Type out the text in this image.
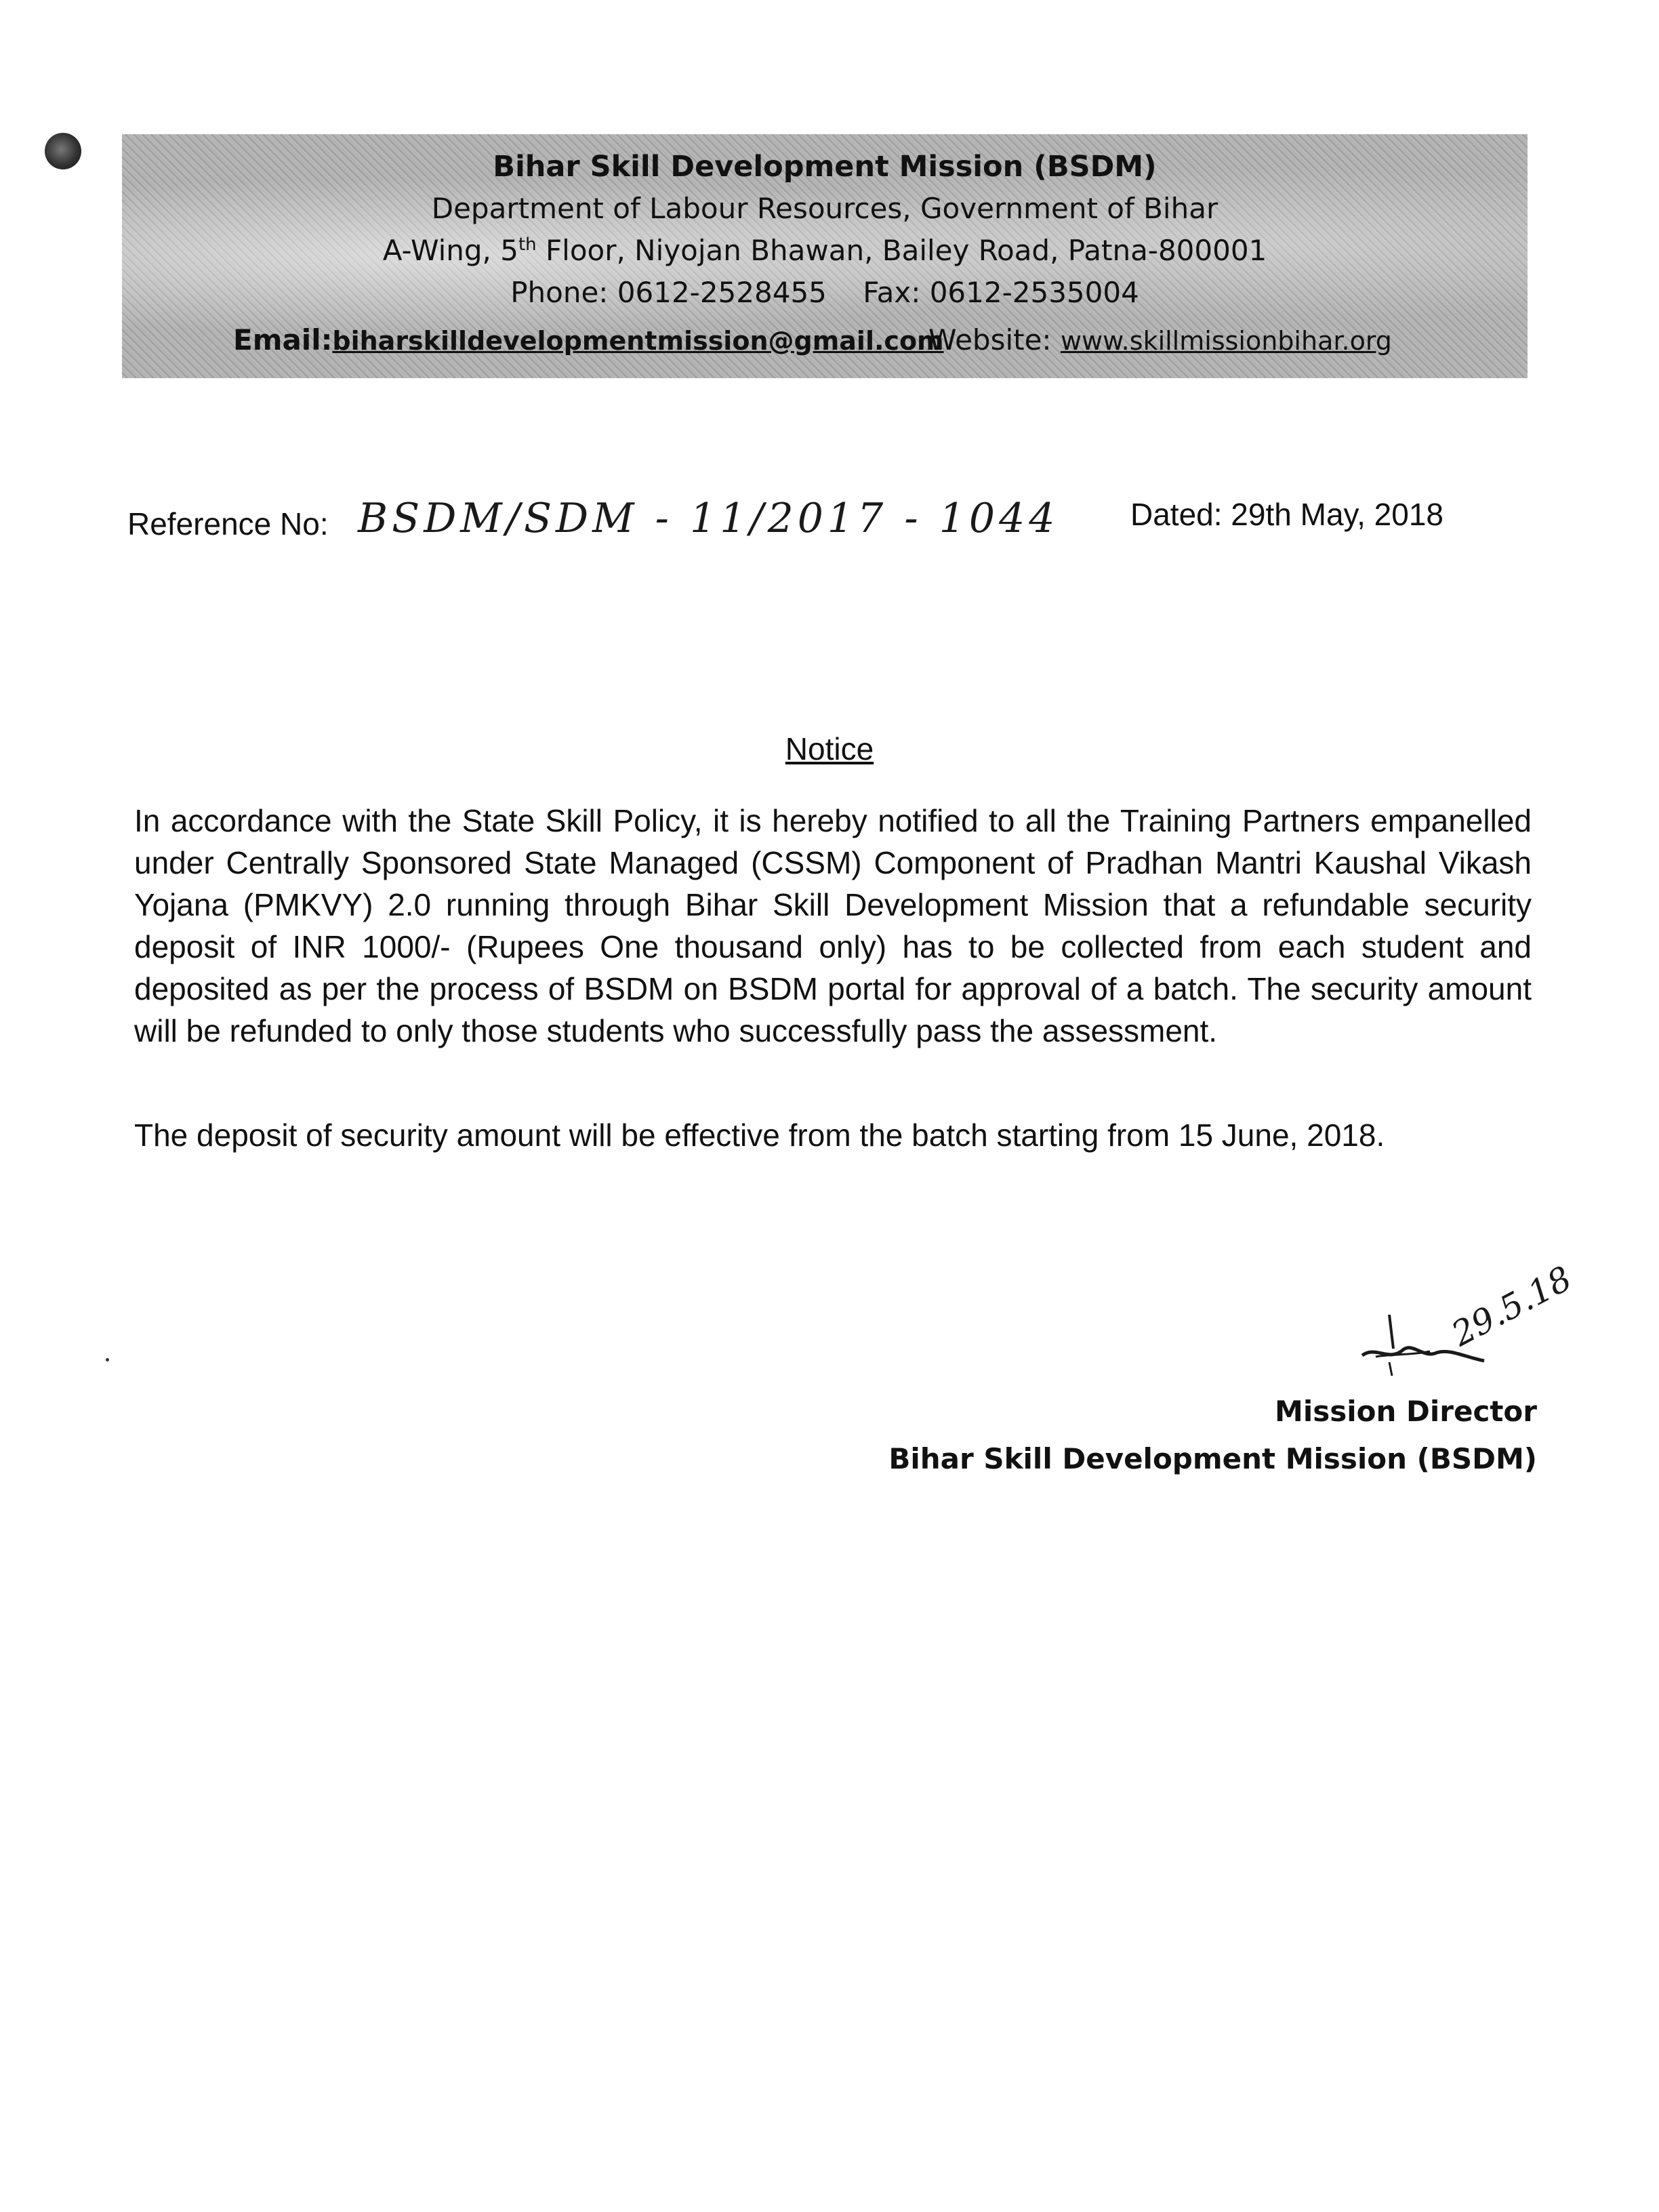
Bihar Skill Development Mission (BSDM)
Department of Labour Resources, Government of Bihar
A-Wing, 5th Floor, Niyojan Bhawan, Bailey Road, Patna-800001
Phone: 0612-2528455 Fax: 0612-2535004
Email:biharskilldevelopmentmission@gmail.com
Website: www.skillmissionbihar.org
Reference No: BSDM/SDM - 11/2017 - 1044 Dated: 29th May, 2018
Notice
In accordance with the State Skill Policy, it is hereby notified to all the Training Partners empanelled under Centrally Sponsored State Managed (CSSM) Component of Pradhan Mantri Kaushal Vikash Yojana (PMKVY) 2.0 running through Bihar Skill Development Mission that a refundable security deposit of INR 1000/- (Rupees One thousand only) has to be collected from each student and deposited as per the process of BSDM on BSDM portal for approval of a batch. The security amount will be refunded to only those students who successfully pass the assessment.
The deposit of security amount will be effective from the batch starting from 15 June, 2018.
29.5.18
Mission Director
Bihar Skill Development Mission (BSDM)
